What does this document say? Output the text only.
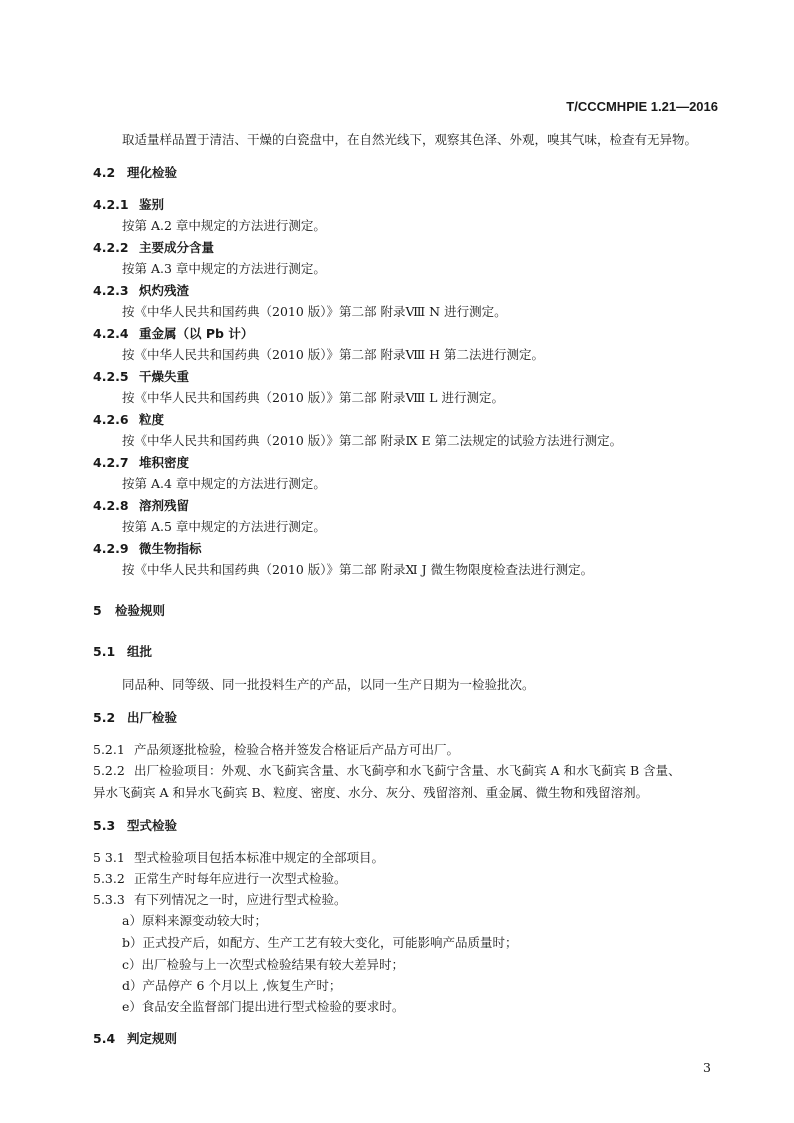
T/CCCMHPIE 1.21—2016
取适量样品置于清洁、干燥的白瓷盘中，在自然光线下，观察其色泽、外观，嗅其气味，检查有无异物。
4.2 理化检验
4.2.1 鉴别
按第 A.2 章中规定的方法进行测定。
4.2.2 主要成分含量
按第 A.3 章中规定的方法进行测定。
4.2.3 炽灼残渣
按《中华人民共和国药典（2010 版）》第二部 附录Ⅷ N 进行测定。
4.2.4 重金属（以 Pb 计）
按《中华人民共和国药典（2010 版）》第二部 附录Ⅷ H 第二法进行测定。
4.2.5 干燥失重
按《中华人民共和国药典（2010 版）》第二部 附录Ⅷ L 进行测定。
4.2.6 粒度
按《中华人民共和国药典（2010 版）》第二部 附录Ⅸ E 第二法规定的试验方法进行测定。
4.2.7 堆积密度
按第 A.4 章中规定的方法进行测定。
4.2.8 溶剂残留
按第 A.5 章中规定的方法进行测定。
4.2.9 微生物指标
按《中华人民共和国药典（2010 版）》第二部 附录Ⅺ J 微生物限度检查法进行测定。
5 检验规则
5.1 组批
同品种、同等级、同一批投料生产的产品，以同一生产日期为一检验批次。
5.2 出厂检验
5.2.1 产品须逐批检验，检验合格并签发合格证后产品方可出厂。
5.2.2 出厂检验项目：外观、水飞蓟宾含量、水飞蓟亭和水飞蓟宁含量、水飞蓟宾 A 和水飞蓟宾 B 含量、
异水飞蓟宾 A 和异水飞蓟宾 B、粒度、密度、水分、灰分、残留溶剂、重金属、微生物和残留溶剂。
5.3 型式检验
5 3.1 型式检验项目包括本标准中规定的全部项目。
5.3.2 正常生产时每年应进行一次型式检验。
5.3.3 有下列情况之一时，应进行型式检验。
a）原料来源变动较大时；
b）正式投产后，如配方、生产工艺有较大变化，可能影响产品质量时；
c）出厂检验与上一次型式检验结果有较大差异时；
d）产品停产 6 个月以上 ,恢复生产时；
e）食品安全监督部门提出进行型式检验的要求时。
5.4 判定规则
3
